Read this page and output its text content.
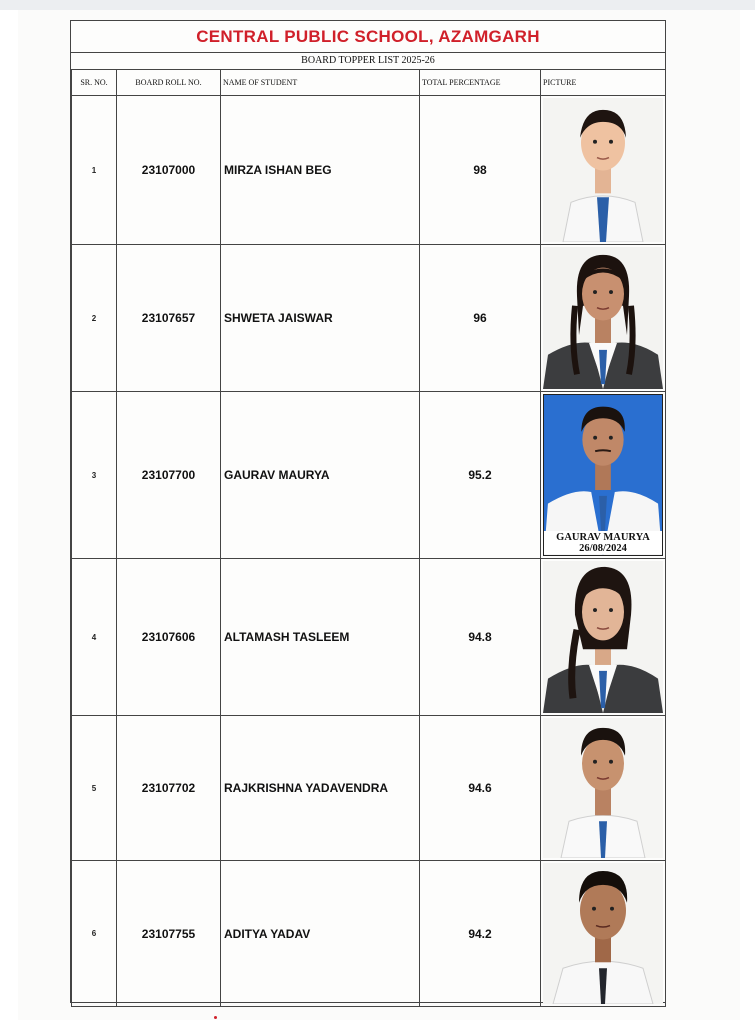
CENTRAL PUBLIC SCHOOL, AZAMGARH
BOARD TOPPER LIST 2025-26
SR. NO.	BOARD ROLL NO.	NAME OF STUDENT	TOTAL PERCENTAGE	PICTURE
1	23107000	MIRZA ISHAN BEG	98	

2	23107657	SHWETA JAISWAR	96	

3	23107700	GAURAV MAURYA	95.2	GAURAV MAURYA
26/08/2024

4	23107606	ALTAMASH TASLEEM	94.8	

5	23107702	RAJKRISHNA YADAVENDRA	94.6	

6	23107755	ADITYA YADAV	94.2	
